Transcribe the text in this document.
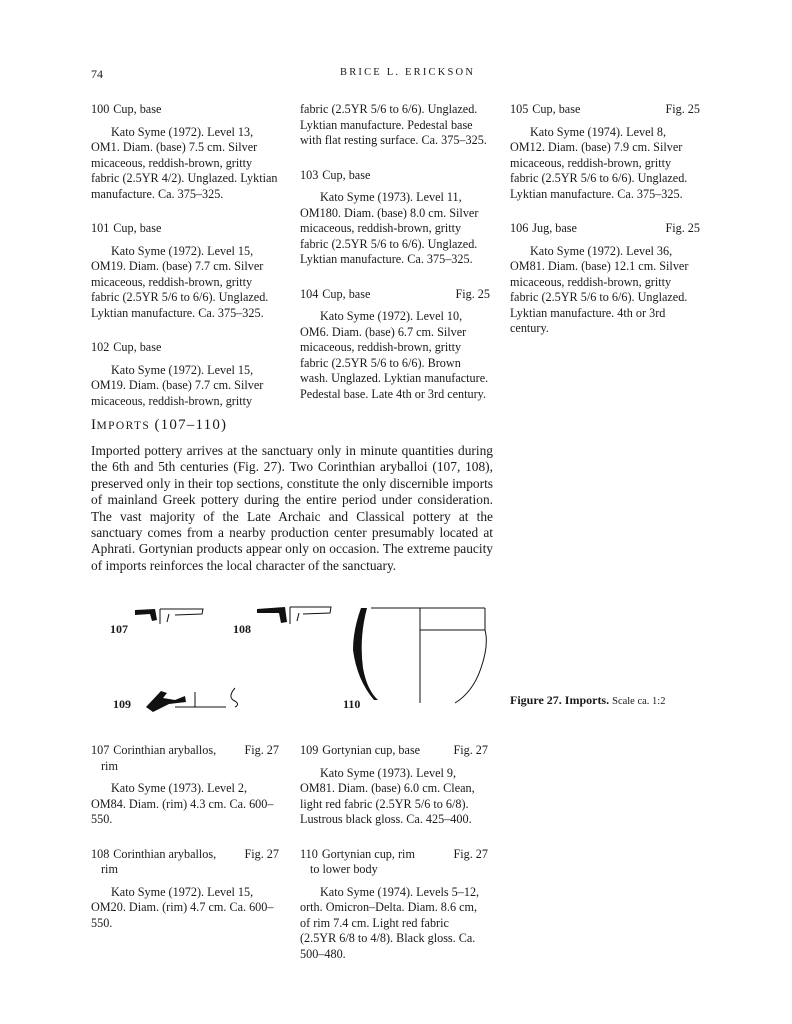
74	BRICE L. ERICKSON
100 Cup, base
Kato Syme (1972). Level 13, OM1. Diam. (base) 7.5 cm. Silver micaceous, reddish-brown, gritty fabric (2.5YR 4/2). Unglazed. Lyktian manufacture. Ca. 375–325.
101 Cup, base
Kato Syme (1972). Level 15, OM19. Diam. (base) 7.7 cm. Silver micaceous, reddish-brown, gritty fabric (2.5YR 5/6 to 6/6). Unglazed. Lyktian manufacture. Ca. 375–325.
102 Cup, base
Kato Syme (1972). Level 15, OM19. Diam. (base) 7.7 cm. Silver micaceous, reddish-brown, gritty
fabric (2.5YR 5/6 to 6/6). Unglazed. Lyktian manufacture. Pedestal base with flat resting surface. Ca. 375–325.
103 Cup, base
Kato Syme (1973). Level 11, OM180. Diam. (base) 8.0 cm. Silver micaceous, reddish-brown, gritty fabric (2.5YR 5/6 to 6/6). Unglazed. Lyktian manufacture. Ca. 375–325.
104 Cup, base	Fig. 25
Kato Syme (1972). Level 10, OM6. Diam. (base) 6.7 cm. Silver micaceous, reddish-brown, gritty fabric (2.5YR 5/6 to 6/6). Brown wash. Unglazed. Lyktian manufacture. Pedestal base. Late 4th or 3rd century.
105 Cup, base	Fig. 25
Kato Syme (1974). Level 8, OM12. Diam. (base) 7.9 cm. Silver micaceous, reddish-brown, gritty fabric (2.5YR 5/6 to 6/6). Unglazed. Lyktian manufacture. Ca. 375–325.
106 Jug, base	Fig. 25
Kato Syme (1972). Level 36, OM81. Diam. (base) 12.1 cm. Silver micaceous, reddish-brown, gritty fabric (2.5YR 5/6 to 6/6). Unglazed. Lyktian manufacture. 4th or 3rd century.
IMPORTS (107–110)
Imported pottery arrives at the sanctuary only in minute quantities during the 6th and 5th centuries (Fig. 27). Two Corinthian aryballoi (107, 108), preserved only in their top sections, constitute the only discernible imports of mainland Greek pottery during the entire period under consideration. The vast majority of the Late Archaic and Classical pottery at the sanctuary comes from a nearby production center presumably located at Aphrati. Gortynian products appear only on occasion. The extreme paucity of imports reinforces the local character of the sanctuary.
107	108
109	110	Figure 27. Imports. Scale ca. 1:2
107 Corinthian aryballos, Fig. 27
rim
Kato Syme (1973). Level 2, OM84. Diam. (rim) 4.3 cm. Ca. 600–550.
108 Corinthian aryballos, Fig. 27
rim
Kato Syme (1972). Level 15, OM20. Diam. (rim) 4.7 cm. Ca. 600–550.
109 Gortynian cup, base	Fig. 27
Kato Syme (1973). Level 9, OM81. Diam. (base) 6.0 cm. Clean, light red fabric (2.5YR 5/6 to 6/8). Lustrous black gloss. Ca. 425–400.
110 Gortynian cup, rim	Fig. 27
to lower body
Kato Syme (1974). Levels 5–12, orth. Omicron–Delta. Diam. 8.6 cm, of rim 7.4 cm. Light red fabric (2.5YR 6/8 to 4/8). Black gloss. Ca. 500–480.
